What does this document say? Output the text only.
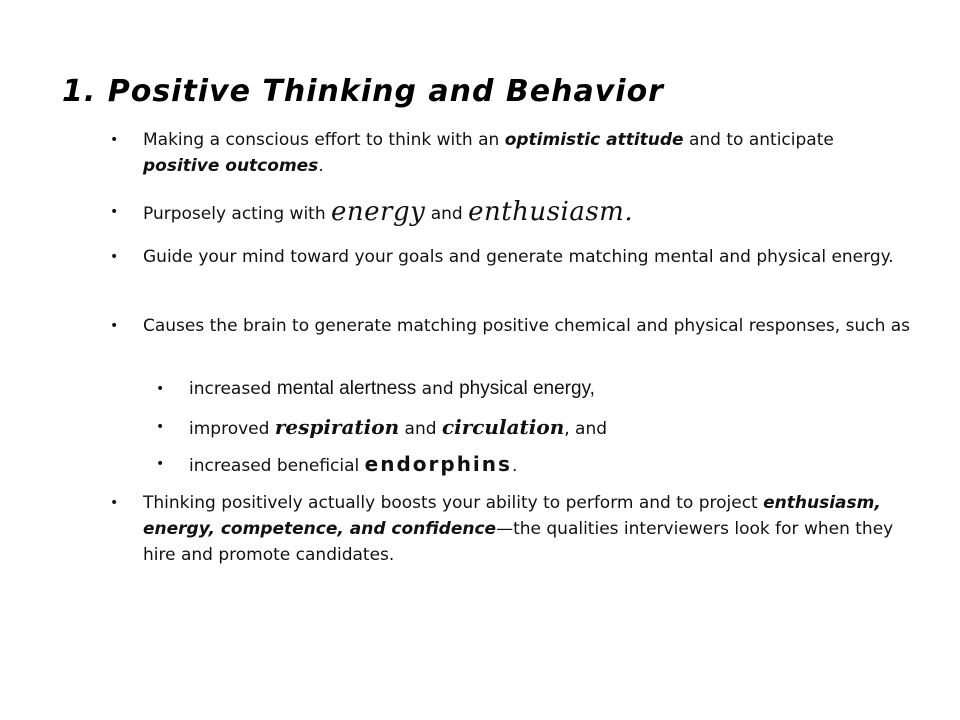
1. Positive Thinking and Behavior
• Making a conscious effort to think with an optimistic attitude and to anticipate positive outcomes.
• Purposely acting with energy and enthusiasm.
• Guide your mind toward your goals and generate matching mental and physical energy.
• Causes the brain to generate matching positive chemical and physical responses, such as
• increased mental alertness and physical energy,
• improved respiration and circulation, and
• increased beneficial endorphins.
• Thinking positively actually boosts your ability to perform and to project enthusiasm, energy, competence, and confidence—the qualities interviewers look for when they hire and promote candidates.
